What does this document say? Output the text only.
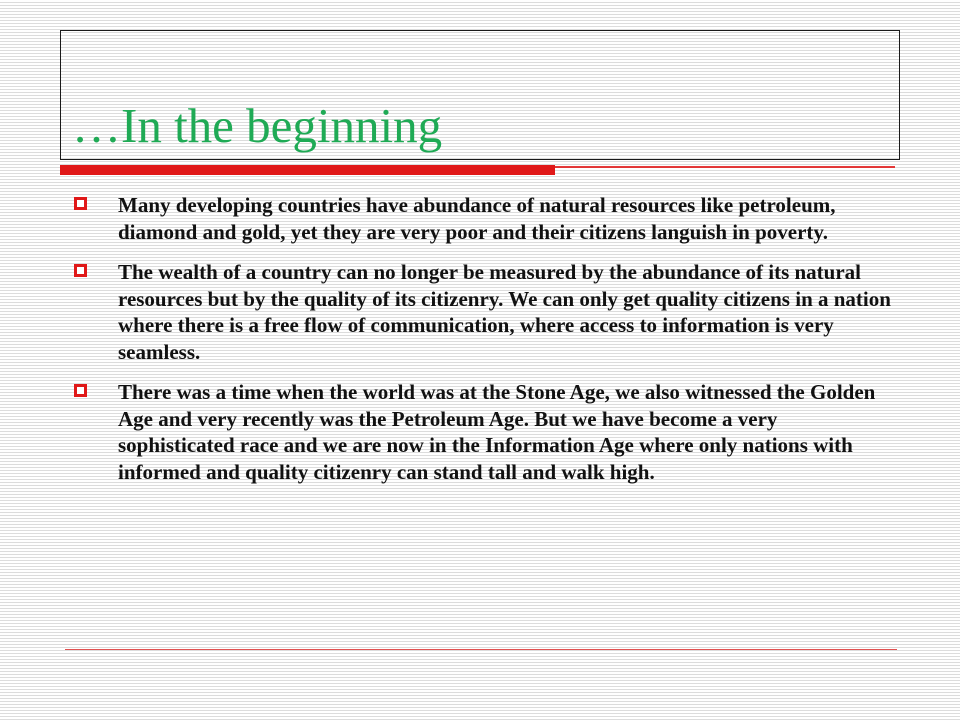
…In the beginning
Many developing countries have abundance of natural resources like petroleum, diamond and gold, yet they are very poor and their citizens languish in poverty.
The wealth of a country can no longer be measured by the abundance of its natural resources but by the quality of its citizenry. We can only get quality citizens in a nation where there is a free flow of communication, where access to information is very seamless.
There was a time when the world was at the Stone Age, we also witnessed the Golden Age and very recently was the Petroleum Age. But we have become a very sophisticated race and we are now in the Information Age where only nations with informed and quality citizenry can stand tall and walk high.
